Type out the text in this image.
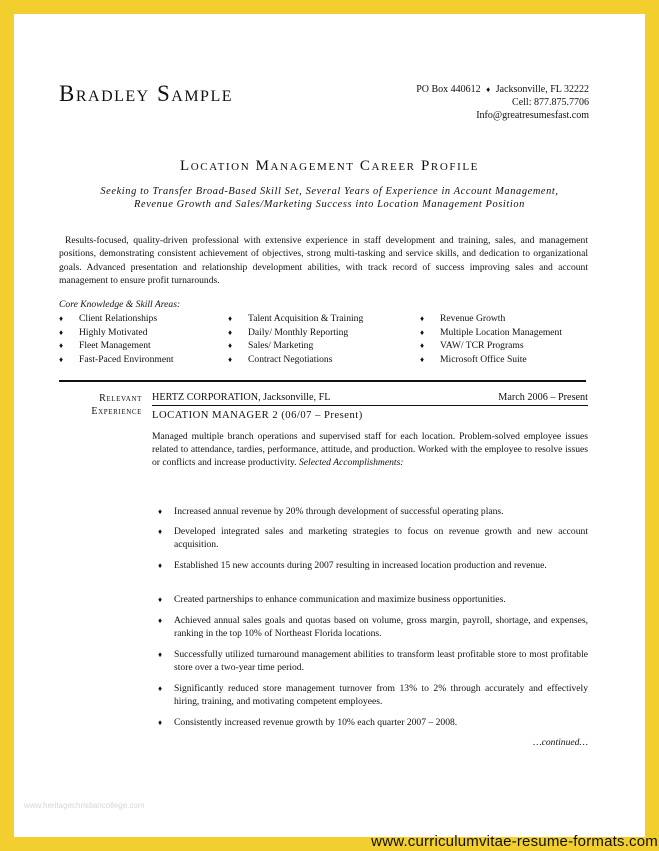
Bradley Sample	PO Box 440612 ♦ Jacksonville, FL 32222
Cell: 877.875.7706
Info@greatresumesfast.com
Location Management Career Profile
Seeking to Transfer Broad-Based Skill Set, Several Years of Experience in Account Management,
Revenue Growth and Sales/Marketing Success into Location Management Position
Results-focused, quality-driven professional with extensive experience in staff development and training, sales, and management positions, demonstrating consistent achievement of objectives, strong multi-tasking and service skills, and dedication to organizational goals. Advanced presentation and relationship development abilities, with track record of success improving sales and account management to ensure profit turnarounds.
Core Knowledge & Skill Areas:
♦ Client Relationships
♦ Highly Motivated
♦ Fleet Management
♦ Fast-Paced Environment
♦ Talent Acquisition & Training
♦ Daily/ Monthly Reporting
♦ Sales/ Marketing
♦ Contract Negotiations
♦ Revenue Growth
♦ Multiple Location Management
♦ VAW/ TCR Programs
♦ Microsoft Office Suite
Relevant
Experience
HERTZ CORPORATION, Jacksonville, FL	March 2006 – Present
LOCATION MANAGER 2 (06/07 – Present)
Managed multiple branch operations and supervised staff for each location. Problem-solved employee issues related to attendance, tardies, performance, attitude, and production. Worked with the employee to resolve issues or conflicts and increase productivity. Selected Accomplishments:
♦ Increased annual revenue by 20% through development of successful operating plans.
♦ Developed integrated sales and marketing strategies to focus on revenue growth and new account acquisition.
♦ Established 15 new accounts during 2007 resulting in increased location production and revenue.
♦ Created partnerships to enhance communication and maximize business opportunities.
♦ Achieved annual sales goals and quotas based on volume, gross margin, payroll, shortage, and expenses, ranking in the top 10% of Northeast Florida locations.
♦ Successfully utilized turnaround management abilities to transform least profitable store to most profitable store over a two-year time period.
♦ Significantly reduced store management turnover from 13% to 2% through accurately and effectively hiring, training, and motivating competent employees.
♦ Consistently increased revenue growth by 10% each quarter 2007 – 2008.
…continued…
www.heritagechristiancollege.com
www.curriculumvitae-resume-formats.com
